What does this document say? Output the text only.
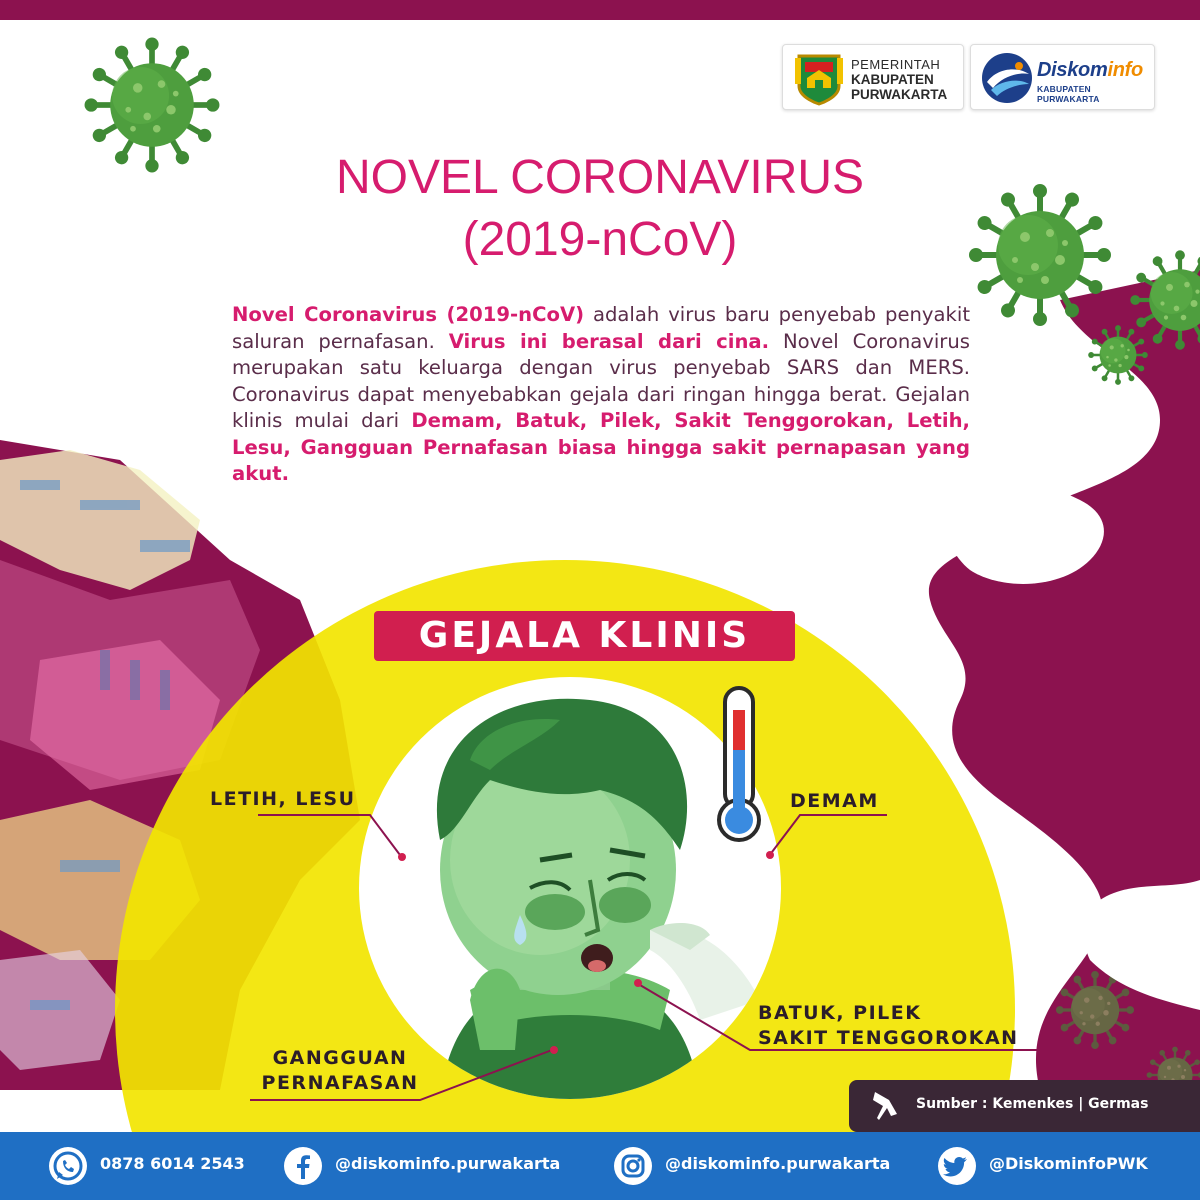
PEMERINTAH
KABUPATEN
PURWAKARTA
Diskominfo
KABUPATEN PURWAKARTA
NOVEL CORONAVIRUS
(2019-nCoV)
Novel Coronavirus (2019-nCoV) adalah virus baru penyebab penyakit saluran pernafasan. Virus ini berasal dari cina. Novel Coronavirus merupakan satu keluarga dengan virus penyebab SARS dan MERS. Coronavirus dapat menyebabkan gejala dari ringan hingga berat. Gejalan klinis mulai dari Demam, Batuk, Pilek, Sakit Tenggorokan, Letih, Lesu, Gangguan Pernafasan biasa hingga sakit pernapasan yang akut.
GEJALA KLINIS
LETIH, LESU	DEMAM
BATUK, PILEK
SAKIT TENGGOROKAN
GANGGUAN
PERNAFASAN
Sumber : Kemenkes | Germas
0878 6014 2543	@diskominfo.purwakarta	@diskominfo.purwakarta	@DiskominfoPWK
